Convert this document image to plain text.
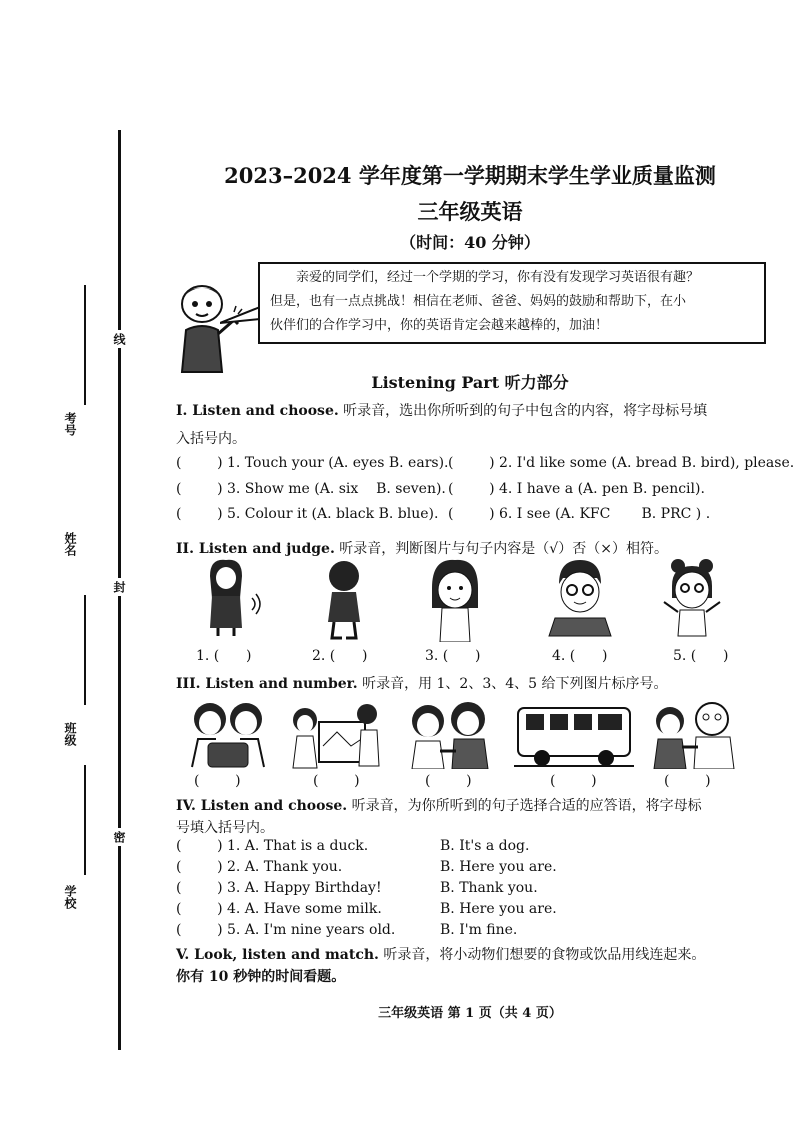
线
封
密
考号
姓名
班级
学校
2023–2024 学年度第一学期期末学生学业质量监测
三年级英语
（时间：40 分钟）
亲爱的同学们，经过一个学期的学习，你有没有发现学习英语很有趣？
但是，也有一点点挑战！相信在老师、爸爸、妈妈的鼓励和帮助下，在小
伙伴们的合作学习中，你的英语肯定会越来越棒的，加油！
Listening Part 听力部分
I. Listen and choose. 听录音，选出你所听到的句子中包含的内容，将字母标号填
入括号内。
(        ) 1. Touch your (A. eyes B. ears). (        ) 2. I'd like some (A. bread B. bird), please.
(        ) 3. Show me (A. six    B. seven). (        ) 4. I have a (A. pen B. pencil).
(        ) 5. Colour it (A. black B. blue). (        ) 6. I see (A. KFC       B. PRC ) .
II. Listen and judge. 听录音，判断图片与句子内容是（√）否（×）相符。
1. (      )	2. (      )	3. (      )	4. (      )	5. (      )
III. Listen and number. 听录音，用 1、2、3、4、5 给下列图片标序号。
(        )	(        )	(        )	(        )	(        )
IV. Listen and choose. 听录音，为你所听到的句子选择合适的应答语，将字母标
号填入括号内。
(        ) 1. A. That is a duck.	B. It's a dog.
(        ) 2. A. Thank you.	B. Here you are.
(        ) 3. A. Happy Birthday!	B. Thank you.
(        ) 4. A. Have some milk.	B. Here you are.
(        ) 5. A. I'm nine years old.	B. I'm fine.
V. Look, listen and match. 听录音，将小动物们想要的食物或饮品用线连起来。
你有 10 秒钟的时间看题。
三年级英语 第 1 页（共 4 页）
